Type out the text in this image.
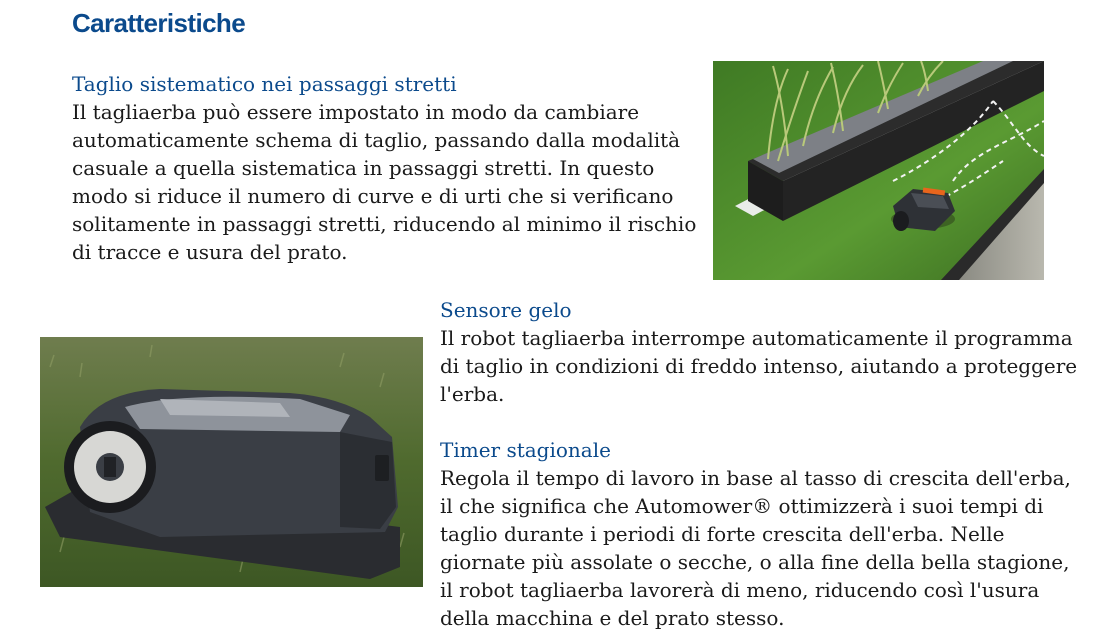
Caratteristiche
Taglio sistematico nei passaggi stretti

Il tagliaerba può essere impostato in modo da cambiare automaticamente schema di taglio, passando dalla modalità casuale a quella sistematica in passaggi stretti. In questo modo si riduce il numero di curve e di urti che si verificano solitamente in passaggi stretti, riducendo al minimo il rischio di tracce e usura del prato.

Sensore gelo

Il robot tagliaerba interrompe automaticamente il programma di taglio in condizioni di freddo intenso, aiutando a proteggere l'erba.

Timer stagionale

Regola il tempo di lavoro in base al tasso di crescita dell'erba, il che significa che Automower® ottimizzerà i suoi tempi di taglio durante i periodi di forte crescita dell'erba. Nelle giornate più assolate o secche, o alla fine della bella stagione, il robot tagliaerba lavorerà di meno, riducendo così l'usura della macchina e del prato stesso.
